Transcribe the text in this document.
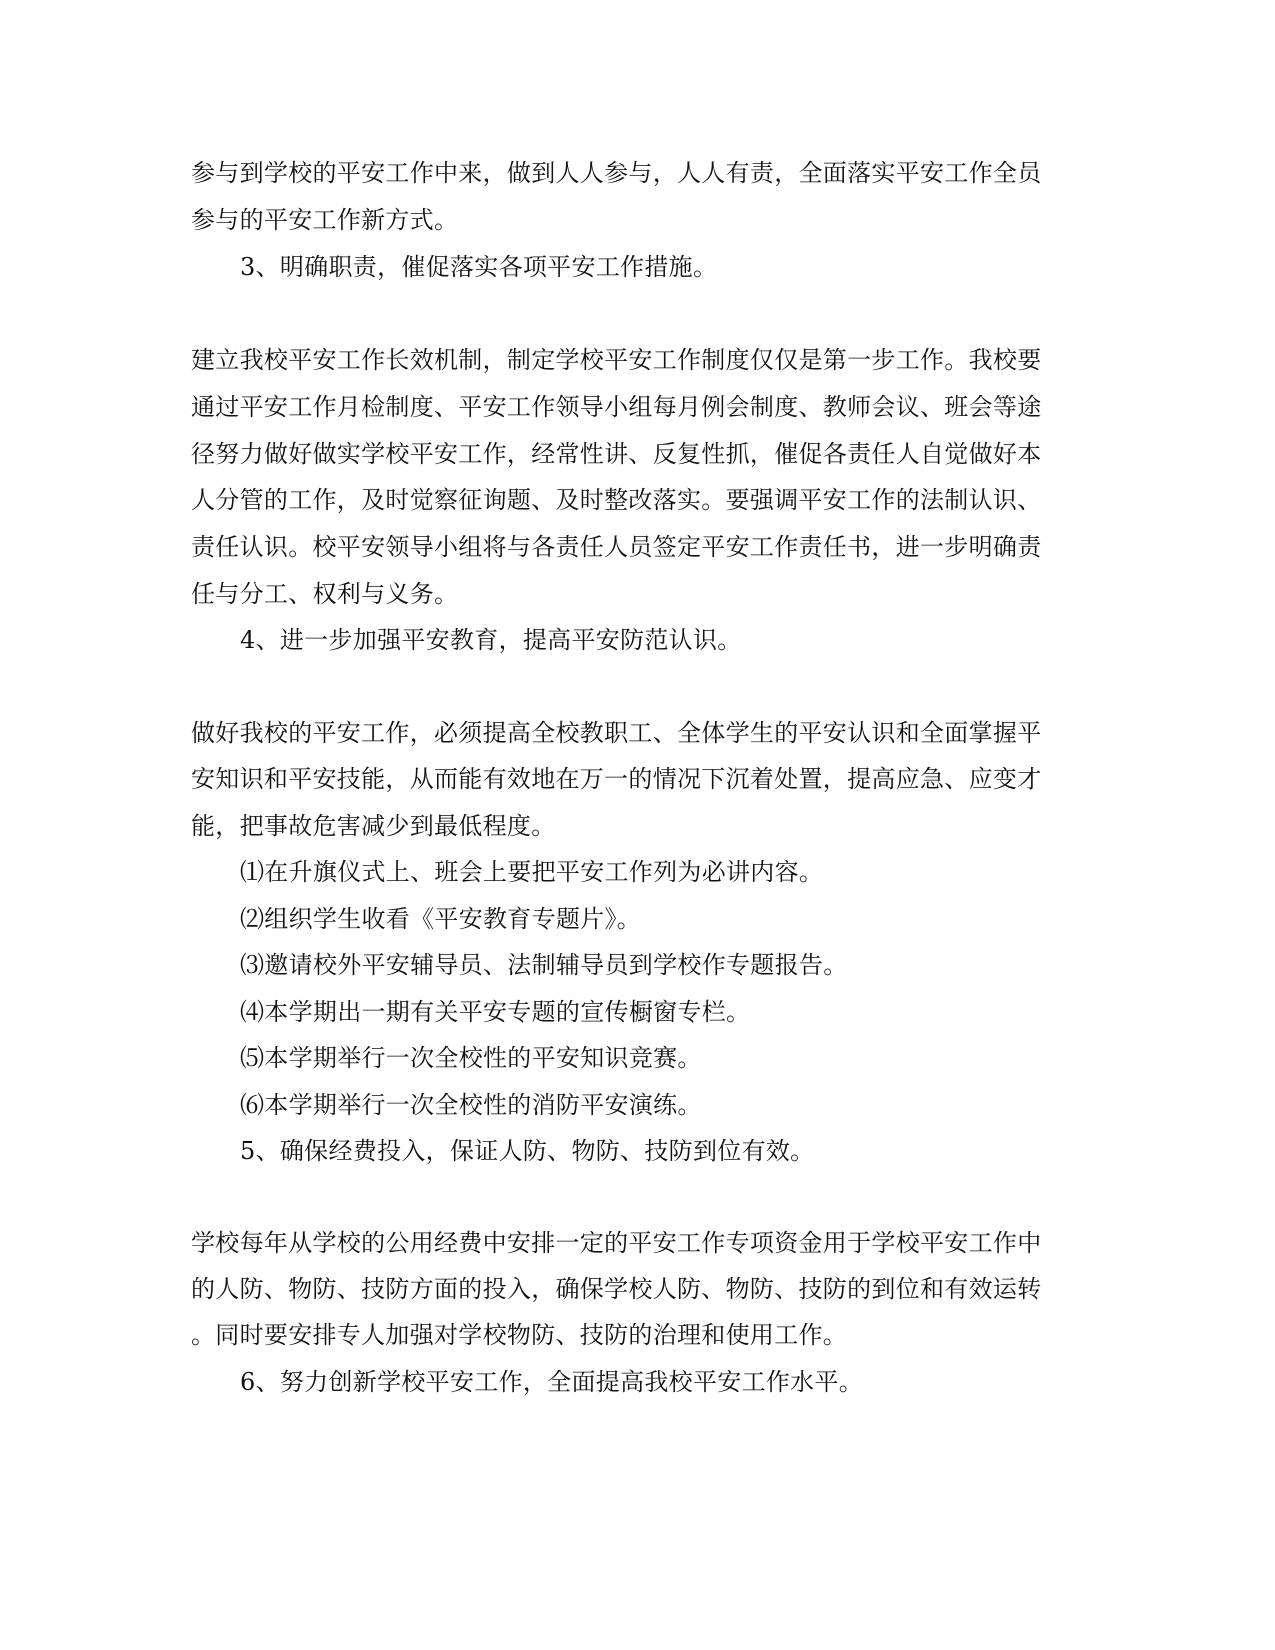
参与到学校的平安工作中来，做到人人参与，人人有责，全面落实平安工作全员
参与的平安工作新方式。
3、明确职责，催促落实各项平安工作措施。
建立我校平安工作长效机制，制定学校平安工作制度仅仅是第一步工作。我校要
通过平安工作月检制度、平安工作领导小组每月例会制度、教师会议、班会等途
径努力做好做实学校平安工作，经常性讲、反复性抓，催促各责任人自觉做好本
人分管的工作，及时觉察征询题、及时整改落实。要强调平安工作的法制认识、
责任认识。校平安领导小组将与各责任人员签定平安工作责任书，进一步明确责
任与分工、权利与义务。
4、进一步加强平安教育，提高平安防范认识。
做好我校的平安工作，必须提高全校教职工、全体学生的平安认识和全面掌握平
安知识和平安技能，从而能有效地在万一的情况下沉着处置，提高应急、应变才
能，把事故危害减少到最低程度。
⑴在升旗仪式上、班会上要把平安工作列为必讲内容。
⑵组织学生收看《平安教育专题片》。
⑶邀请校外平安辅导员、法制辅导员到学校作专题报告。
⑷本学期出一期有关平安专题的宣传橱窗专栏。
⑸本学期举行一次全校性的平安知识竞赛。
⑹本学期举行一次全校性的消防平安演练。
5、确保经费投入，保证人防、物防、技防到位有效。
学校每年从学校的公用经费中安排一定的平安工作专项资金用于学校平安工作中
的人防、物防、技防方面的投入，确保学校人防、物防、技防的到位和有效运转
。同时要安排专人加强对学校物防、技防的治理和使用工作。
6、努力创新学校平安工作，全面提高我校平安工作水平。
